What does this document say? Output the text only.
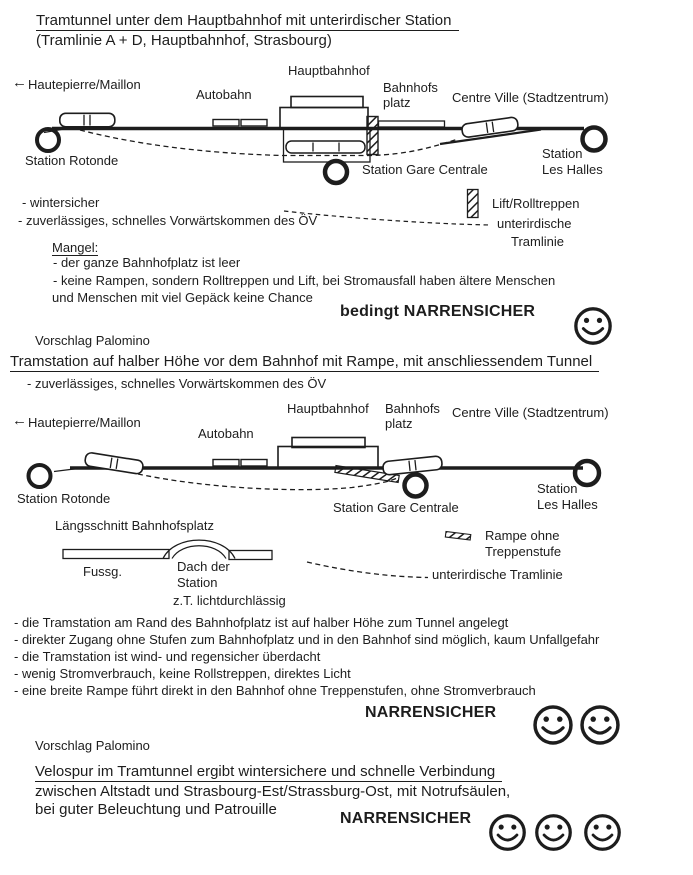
Tramtunnel unter dem Hauptbahnhof mit unterirdischer Station
(Tramlinie A + D, Hauptbahnhof, Strasbourg)
Hauptbahnhof
← Hautepierre/Maillon
Autobahn	Bahnhofs
platz	Centre Ville (Stadtzentrum)
Station Rotonde
Station Gare Centrale
Station
Les Halles
- wintersicher
- zuverlässiges, schnelles Vorwärtskommen des ÖV
Lift/Rolltreppen
unterirdische
Tramlinie
Mangel:
- der ganze Bahnhofplatz ist leer
- keine Rampen, sondern Rolltreppen und Lift, bei Stromausfall haben ältere Menschen
und Menschen mit viel Gepäck keine Chance
bedingt NARRENSICHER
Vorschlag Palomino
Tramstation auf halber Höhe vor dem Bahnhof mit Rampe, mit anschliessendem Tunnel
- zuverlässiges, schnelles Vorwärtskommen des ÖV
Hauptbahnhof Bahnhofs
platz
Centre Ville (Stadtzentrum)
← Hautepierre/Maillon
Autobahn
Station Rotonde
Station Gare Centrale
Station
Les Halles
Längsschnitt Bahnhofsplatz
Fussg.	Dach der
Station
z.T. lichtdurchlässig
Rampe ohne
Treppenstufe
unterirdische Tramlinie
- die Tramstation am Rand des Bahnhofplatz ist auf halber Höhe zum Tunnel angelegt
- direkter Zugang ohne Stufen zum Bahnhofplatz und in den Bahnhof sind möglich, kaum Unfallgefahr
- die Tramstation ist wind- und regensicher überdacht
- wenig Stromverbrauch, keine Rollstreppen, direktes Licht
- eine breite Rampe führt direkt in den Bahnhof ohne Treppenstufen, ohne Stromverbrauch
NARRENSICHER
Vorschlag Palomino
Velospur im Tramtunnel ergibt wintersichere und schnelle Verbindung
zwischen Altstadt und Strasbourg-Est/Strassburg-Ost, mit Notrufsäulen,
bei guter Beleuchtung und Patrouille
NARRENSICHER
